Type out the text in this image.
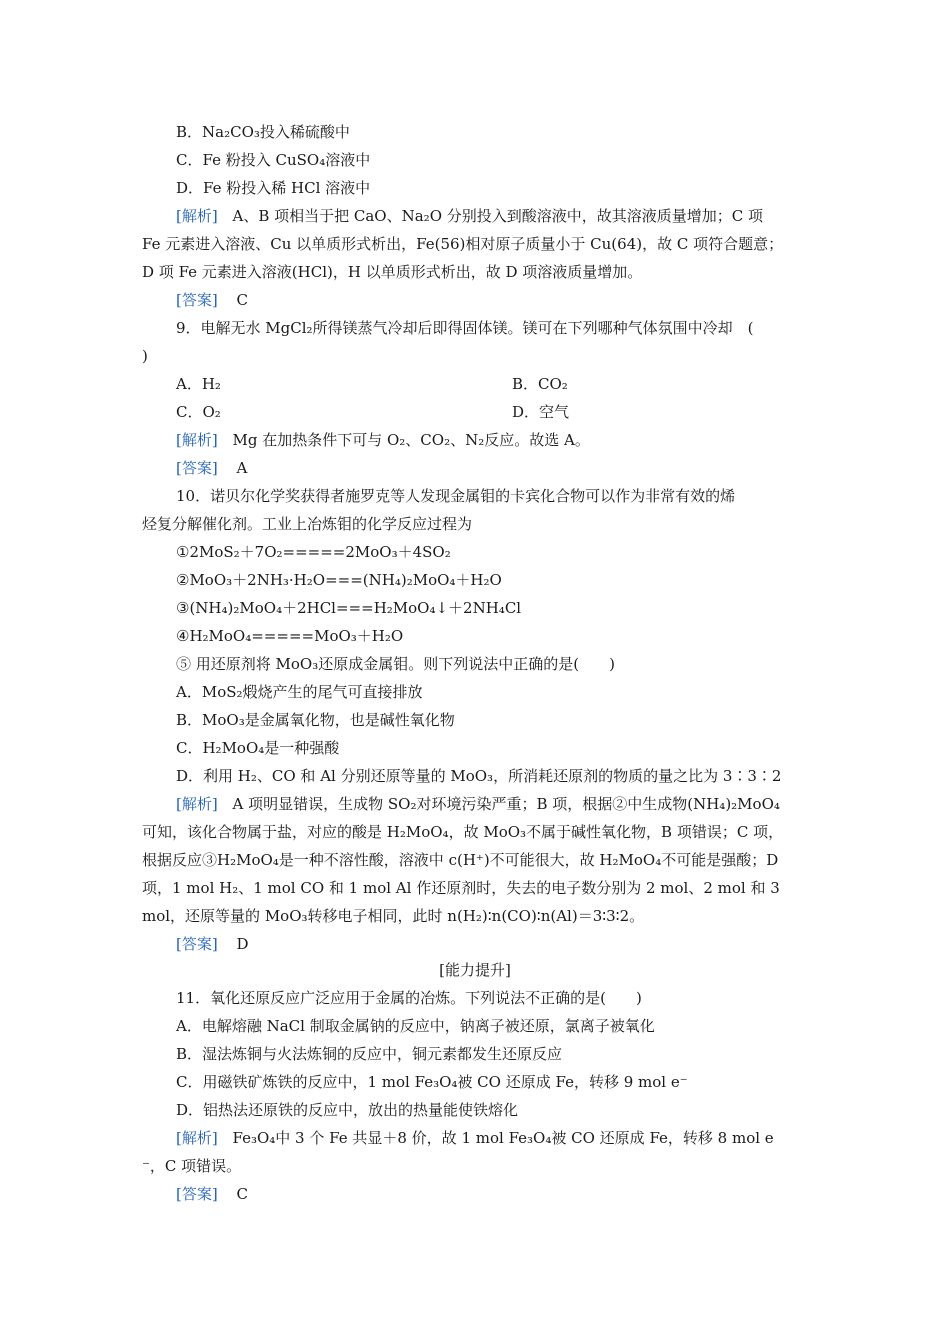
B．Na₂CO₃投入稀硫酸中
C．Fe 粉投入 CuSO₄溶液中
D．Fe 粉投入稀 HCl 溶液中
[解析] A、B 项相当于把 CaO、Na₂O 分别投入到酸溶液中，故其溶液质量增加；C 项
Fe 元素进入溶液、Cu 以单质形式析出，Fe(56)相对原子质量小于 Cu(64)，故 C 项符合题意；
D 项 Fe 元素进入溶液(HCl)，H 以单质形式析出，故 D 项溶液质量增加。
[答案] C
9．电解无水 MgCl₂所得镁蒸气冷却后即得固体镁。镁可在下列哪种气体氛围中冷却　(
)
A．H₂	B．CO₂
C．O₂	D．空气
[解析] Mg 在加热条件下可与 O₂、CO₂、N₂反应。故选 A。
[答案] A
10．诺贝尔化学奖获得者施罗克等人发现金属钼的卡宾化合物可以作为非常有效的烯
烃复分解催化剂。工业上冶炼钼的化学反应过程为
①2MoS₂＋7O₂=====2MoO₃＋4SO₂
②MoO₃＋2NH₃·H₂O===(NH₄)₂MoO₄＋H₂O
③(NH₄)₂MoO₄＋2HCl===H₂MoO₄↓＋2NH₄Cl
④H₂MoO₄=====MoO₃＋H₂O
⑤ 用还原剂将 MoO₃还原成金属钼。则下列说法中正确的是(　　)
A．MoS₂煅烧产生的尾气可直接排放
B．MoO₃是金属氧化物，也是碱性氧化物
C．H₂MoO₄是一种强酸
D．利用 H₂、CO 和 Al 分别还原等量的 MoO₃，所消耗还原剂的物质的量之比为 3∶3∶2
[解析] A 项明显错误，生成物 SO₂对环境污染严重；B 项，根据②中生成物(NH₄)₂MoO₄
可知，该化合物属于盐，对应的酸是 H₂MoO₄，故 MoO₃不属于碱性氧化物，B 项错误；C 项，
根据反应③H₂MoO₄是一种不溶性酸，溶液中 c(H⁺)不可能很大，故 H₂MoO₄不可能是强酸；D
项，1 mol H₂、1 mol CO 和 1 mol Al 作还原剂时，失去的电子数分别为 2 mol、2 mol 和 3
mol，还原等量的 MoO₃转移电子相同，此时 n(H₂)∶n(CO)∶n(Al)＝3∶3∶2。
[答案] D
[能力提升]
11．氧化还原反应广泛应用于金属的冶炼。下列说法不正确的是(　　)
A．电解熔融 NaCl 制取金属钠的反应中，钠离子被还原，氯离子被氧化
B．湿法炼铜与火法炼铜的反应中，铜元素都发生还原反应
C．用磁铁矿炼铁的反应中，1 mol Fe₃O₄被 CO 还原成 Fe，转移 9 mol e⁻
D．铝热法还原铁的反应中，放出的热量能使铁熔化
[解析] Fe₃O₄中 3 个 Fe 共显＋8 价，故 1 mol Fe₃O₄被 CO 还原成 Fe，转移 8 mol e
⁻，C 项错误。
[答案] C
